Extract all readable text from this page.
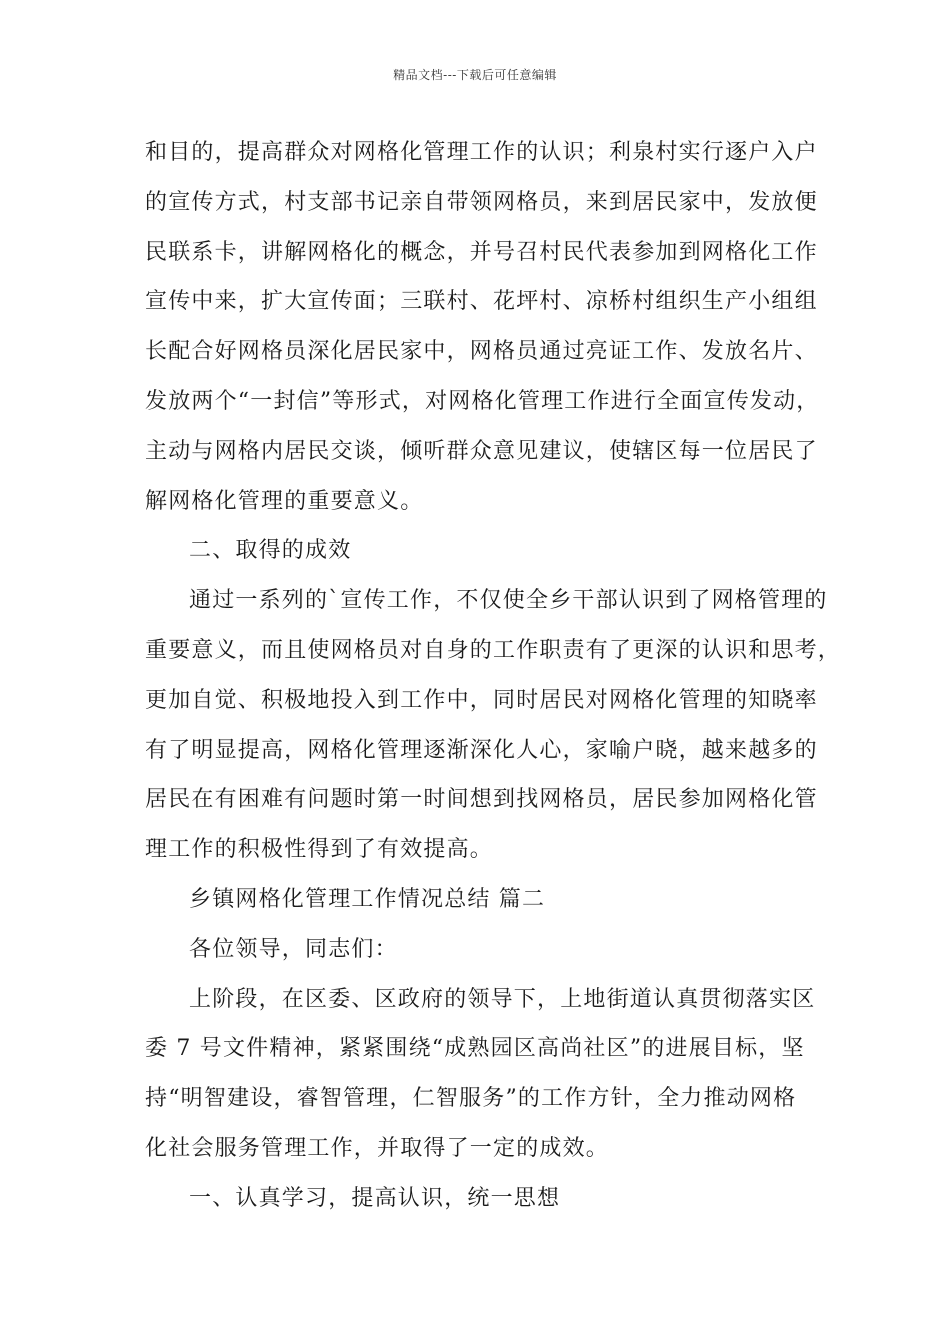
精品文档---下载后可任意编辑
和目的，提高群众对网格化管理工作的认识；利泉村实行逐户入户
的宣传方式，村支部书记亲自带领网格员，来到居民家中，发放便
民联系卡，讲解网格化的概念，并号召村民代表参加到网格化工作
宣传中来，扩大宣传面；三联村、花坪村、凉桥村组织生产小组组
长配合好网格员深化居民家中，网格员通过亮证工作、发放名片、
发放两个“一封信”等形式，对网格化管理工作进行全面宣传发动，
主动与网格内居民交谈，倾听群众意见建议，使辖区每一位居民了
解网格化管理的重要意义。
二、取得的成效
通过一系列的`宣传工作，不仅使全乡干部认识到了网格管理的
重要意义，而且使网格员对自身的工作职责有了更深的认识和思考，
更加自觉、积极地投入到工作中，同时居民对网格化管理的知晓率
有了明显提高，网格化管理逐渐深化人心，家喻户晓，越来越多的
居民在有困难有问题时第一时间想到找网格员，居民参加网格化管
理工作的积极性得到了有效提高。
乡镇网格化管理工作情况总结 篇二
各位领导，同志们：
上阶段，在区委、区政府的领导下，上地街道认真贯彻落实区
委 7 号文件精神，紧紧围绕“成熟园区高尚社区”的进展目标，坚
持“明智建设，睿智管理，仁智服务”的工作方针，全力推动网格
化社会服务管理工作，并取得了一定的成效。
一、认真学习，提高认识，统一思想
